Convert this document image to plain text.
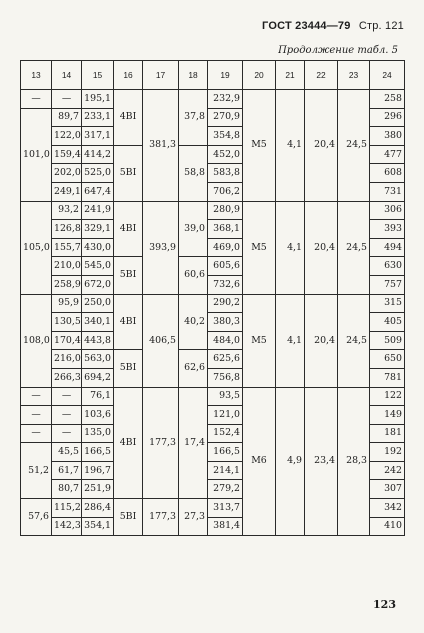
ГОСТ 23444—79 Стр. 121
Продолжение табл. 5
13	14	15	16	17	18	19	20	21	22	23	24
—	—	195,1	4BI	381,3	37,8	232,9	M5	4,1	20,4	24,5	258
101,0	89,7	233,1				270,9					296
	122,0	317,1				354,8					380
	159,4	414,2	5BI		58,8	452,0					477
	202,0	525,0				583,8					608
	249,1	647,4				706,2					731
105,0	93,2	241,9	4BI	393,9	39,0	280,9	M5	4,1	20,4	24,5	306
	126,8	329,1				368,1					393
	155,7	430,0				469,0					494
	210,0	545,0	5BI		60,6	605,6					630
	258,9	672,0				732,6					757
108,0	95,9	250,0	4BI	406,5	40,2	290,2	M5	4,1	20,4	24,5	315
	130,5	340,1				380,3					405
	170,4	443,8				484,0					509
	216,0	563,0	5BI		62,6	625,6					650
	266,3	694,2				756,8					781
—	—	76,1	4BI	177,3	17,4	93,5	M6	4,9	23,4	28,3	122
—	—	103,6				121,0					149
—	—	135,0				152,4					181
51,2	45,5	166,5				166,5					192
	61,7	196,7				214,1					242
	80,7	251,9				279,2					307
57,6	115,2	286,4	5BI	177,3	27,3	313,7					342
	142,3	354,1				381,4					410
123
